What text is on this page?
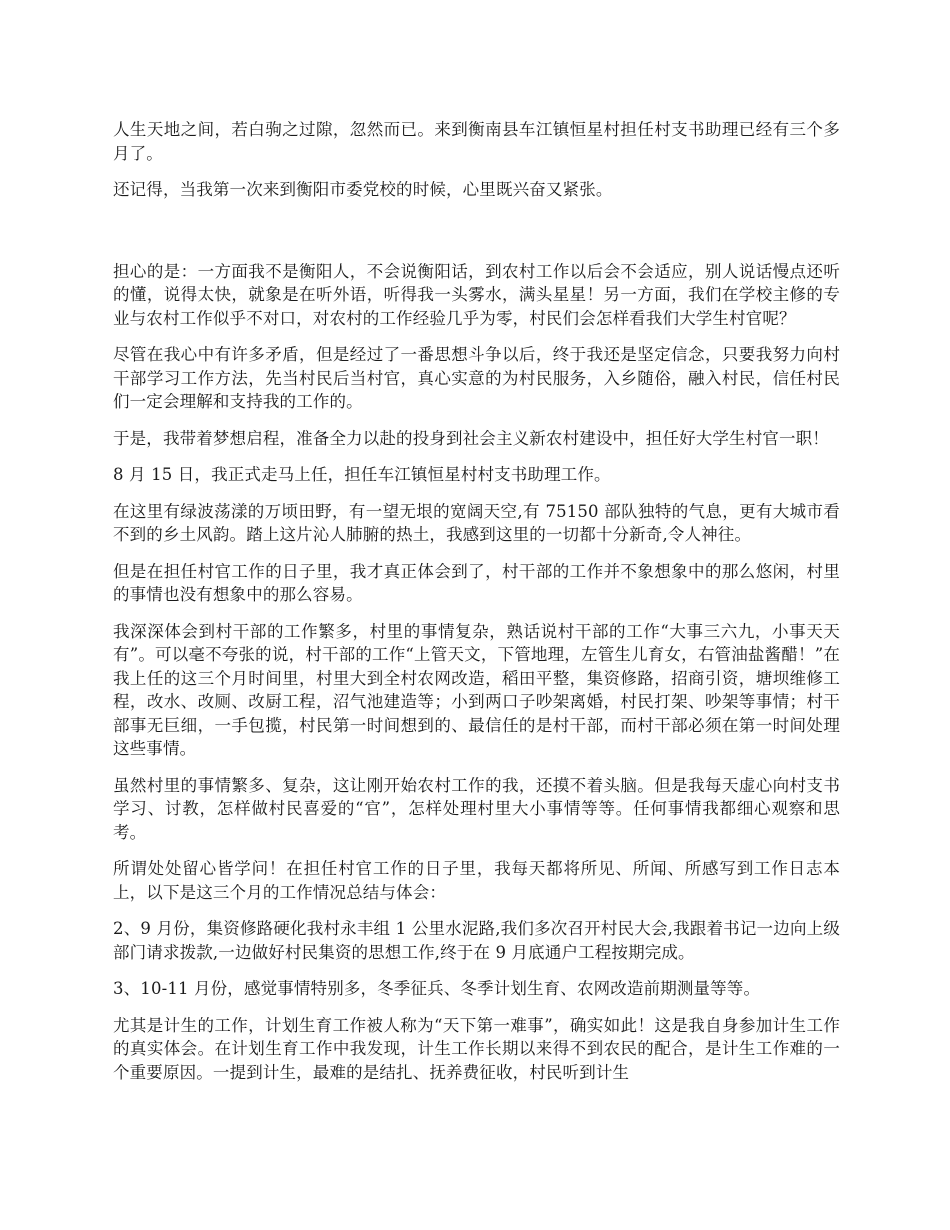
人生天地之间，若白驹之过隙，忽然而已。来到衡南县车江镇恒星村担任村支书助理已经有三个多月了。

还记得，当我第一次来到衡阳市委党校的时候，心里既兴奋又紧张。

担心的是：一方面我不是衡阳人，不会说衡阳话，到农村工作以后会不会适应，别人说话慢点还听的懂，说得太快，就象是在听外语，听得我一头雾水，满头星星！另一方面，我们在学校主修的专业与农村工作似乎不对口，对农村的工作经验几乎为零，村民们会怎样看我们大学生村官呢？

尽管在我心中有许多矛盾，但是经过了一番思想斗争以后，终于我还是坚定信念，只要我努力向村干部学习工作方法，先当村民后当村官，真心实意的为村民服务，入乡随俗，融入村民，信任村民们一定会理解和支持我的工作的。

于是，我带着梦想启程，准备全力以赴的投身到社会主义新农村建设中，担任好大学生村官一职！

8 月 15 日，我正式走马上任，担任车江镇恒星村村支书助理工作。

在这里有绿波荡漾的万顷田野，有一望无垠的宽阔天空,有 75150 部队独特的气息，更有大城市看不到的乡土风韵。踏上这片沁人肺腑的热土，我感到这里的一切都十分新奇,令人神往。

但是在担任村官工作的日子里，我才真正体会到了，村干部的工作并不象想象中的那么悠闲，村里的事情也没有想象中的那么容易。

我深深体会到村干部的工作繁多，村里的事情复杂，熟话说村干部的工作“大事三六九，小事天天有”。可以毫不夸张的说，村干部的工作“上管天文，下管地理，左管生儿育女，右管油盐酱醋！”在我上任的这三个月时间里，村里大到全村农网改造，稻田平整，集资修路，招商引资，塘坝维修工程，改水、改厕、改厨工程，沼气池建造等；小到两口子吵架离婚，村民打架、吵架等事情；村干部事无巨细，一手包揽，村民第一时间想到的、最信任的是村干部，而村干部必须在第一时间处理这些事情。

虽然村里的事情繁多、复杂，这让刚开始农村工作的我，还摸不着头脑。但是我每天虚心向村支书学习、讨教，怎样做村民喜爱的“官”，怎样处理村里大小事情等等。任何事情我都细心观察和思考。

所谓处处留心皆学问！在担任村官工作的日子里，我每天都将所见、所闻、所感写到工作日志本上，以下是这三个月的工作情况总结与体会：

2、9 月份，集资修路硬化我村永丰组 1 公里水泥路,我们多次召开村民大会,我跟着书记一边向上级部门请求拨款,一边做好村民集资的思想工作,终于在 9 月底通户工程按期完成。

3、10-11 月份，感觉事情特别多，冬季征兵、冬季计划生育、农网改造前期测量等等。

尤其是计生的工作，计划生育工作被人称为“天下第一难事”，确实如此！这是我自身参加计生工作的真实体会。在计划生育工作中我发现，计生工作长期以来得不到农民的配合，是计生工作难的一个重要原因。一提到计生，最难的是结扎、抚养费征收，村民听到计生
